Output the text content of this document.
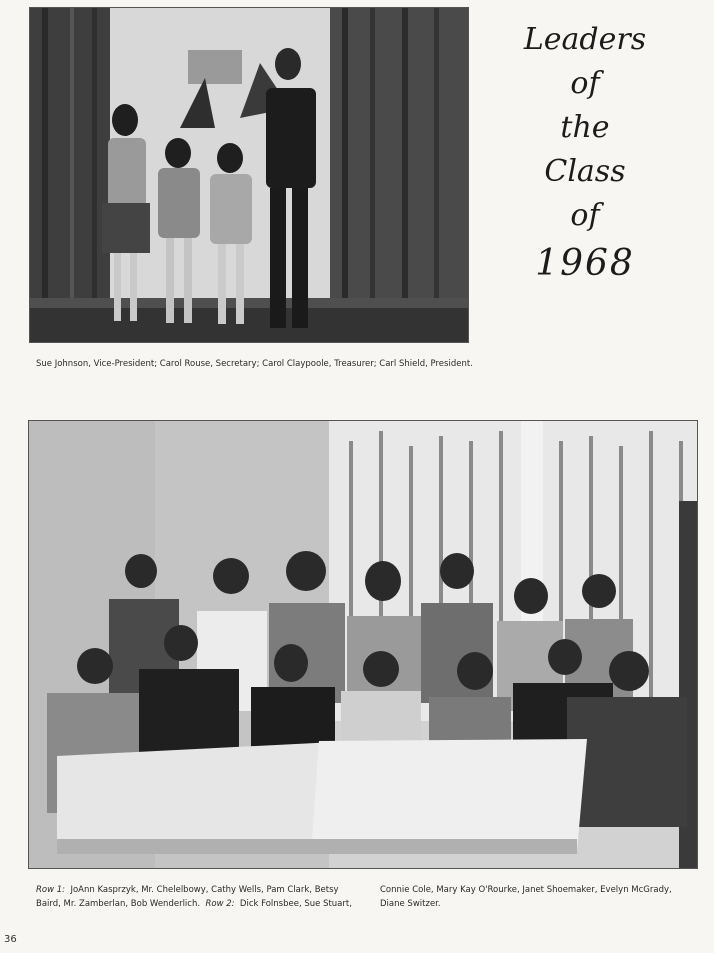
Leaders
of
the
Class
of
1968
Sue Johnson, Vice-President; Carol Rouse, Secretary; Carol Claypoole, Treasurer; Carl Shield, President.
Row 1: JoAnn Kasprzyk, Mr. Chelelbowy, Cathy Wells, Pam Clark, Betsy Baird, Mr. Zamberlan, Bob Wenderlich. Row 2: Dick Folnsbee, Sue Stuart,
Connie Cole, Mary Kay O'Rourke, Janet Shoemaker, Evelyn McGrady, Diane Switzer.
36
